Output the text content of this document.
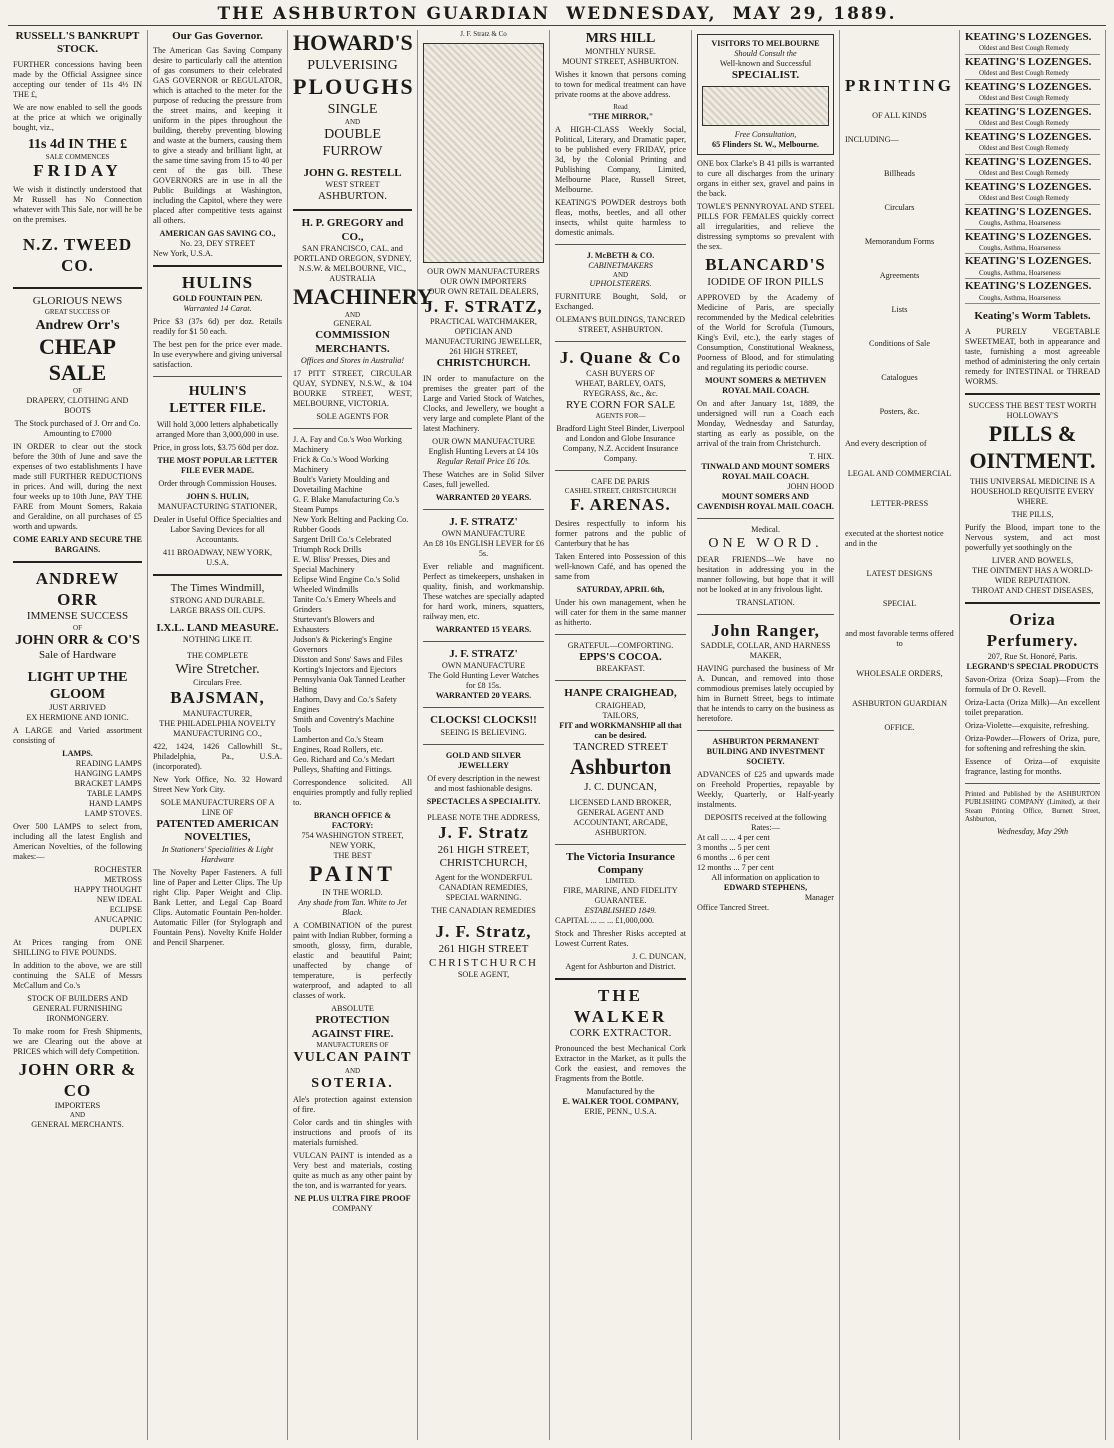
THE ASHBURTON GUARDIAN WEDNESDAY, MAY 29, 1889.
RUSSELL'S BANKRUPT STOCK.

FURTHER concessions having been made by the Official Assignee since accepting our tender of 11s 4½ IN THE £,

We are now enabled to sell the goods at the price at which we originally bought, viz.,

11s 4d IN THE £
SALE COMMENCES
FRIDAY

We wish it distinctly understood that Mr Russell has No Connection whatever with This Sale, nor will he be on the premises.

N.Z. TWEED CO.
GLORIOUS NEWS
GREAT SUCCESS OF
Andrew Orr's
CHEAP SALE
OF
DRAPERY, CLOTHING AND BOOTS

The Stock purchased of J. Orr and Co. Amounting to £7000

IN ORDER to clear out the stock before the 30th of June and save the expenses of two establishments I have made still FURTHER REDUCTIONS in prices. And will, during the next four weeks up to 10th June, PAY THE FARE from Mount Somers, Rakaia and Geraldine, on all purchases of £5 worth and upwards.

COME EARLY AND SECURE THE BARGAINS.
ANDREW ORR
IMMENSE SUCCESS
OF
JOHN ORR & CO'S
Sale of Hardware
LIGHT UP THE GLOOM
JUST ARRIVED
EX HERMIONE AND IONIC.

A LARGE and Varied assortment consisting of

LAMPS.
READING LAMPS
HANGING LAMPS
BRACKET LAMPS
TABLE LAMPS
HAND LAMPS
LAMP STOVES.

Over 500 LAMPS to select from, including all the latest English and American Novelties, of the following makes:—

ROCHESTER
METROSS
HAPPY THOUGHT
NEW IDEAL
ECLIPSE
ANUCAPNIC
DUPLEX

At Prices ranging from ONE SHILLING to FIVE POUNDS.

In addition to the above, we are still continuing the SALE of Messrs McCallum and Co.'s

STOCK OF BUILDERS AND GENERAL FURNISHING IRONMONGERY.

To make room for Fresh Shipments, we are Clearing out the above at PRICES which will defy Competition.

JOHN ORR & CO
IMPORTERS
AND
GENERAL MERCHANTS.
Our Gas Governor.

The American Gas Saving Company desire to particularly call the attention of gas consumers to their celebrated GAS GOVERNOR or REGULATOR, which is attached to the meter for the purpose of reducing the pressure from the street mains, and keeping it uniform in the pipes throughout the building, thereby preventing blowing and waste at the burners, causing them to give a steady and brilliant light, at the same time saving from 15 to 40 per cent of the gas bill. These GOVERNORS are in use in all the Public Buildings at Washington, including the Capitol, where they were placed after competitive tests against all others.

AMERICAN GAS SAVING CO.,
No. 23, DEY STREET
New York, U.S.A.
HULINS
GOLD FOUNTAIN PEN.
Warranted 14 Carat.

Price $3 (37s 6d) per doz. Retails readily for $1 50 each.

The best pen for the price ever made. In use everywhere and giving universal satisfaction.

HULIN'S
LETTER FILE.

Will hold 3,000 letters alphabetically arranged More than 3,000,000 in use.

Price, in gross lots, $3.75 60d per doz.

THE MOST POPULAR LETTER FILE EVER MADE.

Order through Commission Houses.

JOHN S. HULIN,
MANUFACTURING STATIONER,

Dealer in Useful Office Specialties and Labor Saving Devices for all Accountants.

411 BROADWAY, NEW YORK, U.S.A.
The Times Windmill,
STRONG AND DURABLE.
LARGE BRASS OIL CUPS.
I.X.L. LAND MEASURE.
NOTHING LIKE IT.
THE COMPLETE
Wire Stretcher.
Circulars Free.
BAJSMAN,
MANUFACTURER,
THE PHILADELPHIA NOVELTY MANUFACTURING CO.,

422, 1424, 1426 Callowhill St., Philadelphia, Pa., U.S.A. (incorporated).

New York Office, No. 32 Howard Street New York City.

SOLE MANUFACTURERS OF A LINE OF
PATENTED AMERICAN NOVELTIES,
In Stationers' Specialities & Light Hardware

The Novelty Paper Fasteners. A full line of Paper and Letter Clips. The Up right Clip. Paper Weight and Clip. Bank Letter, and Legal Cap Board Clips. Automatic Fountain Pen-holder. Automatic Filler (for Stylograph and Fountain Pens). Novelty Knife Holder and Pencil Sharpener.

HOWARD'S
PULVERISING
PLOUGHS
SINGLE
AND
DOUBLE FURROW
JOHN G. RESTELL
WEST STREET
ASHBURTON.
H. P. GREGORY and CO.,
SAN FRANCISCO, CAL. and PORTLAND OREGON, SYDNEY, N.S.W. & MELBOURNE, VIC., AUSTRALIA
MACHINERY
AND
GENERAL
COMMISSION MERCHANTS.
Offices and Stores in Australia!

17 PITT STREET, CIRCULAR QUAY, SYDNEY, N.S.W., & 104 BOURKE STREET, WEST, MELBOURNE, VICTORIA.

SOLE AGENTS FOR
J. A. Fay and Co.'s Woo Working Machinery
Frick & Co.'s Wood Working Machinery
Boult's Variety Moulding and Dovetailing Machine
G. F. Blake Manufacturing Co.'s Steam Pumps
New York Belting and Packing Co. Rubber Goods
Sargent Drill Co.'s Celebrated Triumph Rock Drills
E. W. Bliss' Presses, Dies and Special Machinery
Eclipse Wind Engine Co.'s Solid Wheeled Windmills
Tanite Co.'s Emery Wheels and Grinders
Sturtevant's Blowers and Exhausters
Judson's & Pickering's Engine Governors
Disston and Sons' Saws and Files
Korting's Injectors and Ejectors
Pennsylvania Oak Tanned Leather Belting
Hathorn, Davy and Co.'s Safety Engines
Smith and Coventry's Machine Tools
Lamberton and Co.'s Steam Engines, Road Rollers, etc.
Geo. Richard and Co.'s Medart Pulleys, Shafting and Fittings.

Correspondence solicited. All enquiries promptly and fully replied to.

BRANCH OFFICE & FACTORY:
754 WASHINGTON STREET, NEW YORK,
THE BEST
PAINT
IN THE WORLD.
Any shade from Tan. White to Jet Black.

A COMBINATION of the purest paint with Indian Rubber, forming a smooth, glossy, firm, durable, elastic and beautiful Paint; unaffected by change of temperature, is perfectly waterproof, and adapted to all classes of work.

ABSOLUTE
PROTECTION AGAINST FIRE.
MANUFACTURERS OF
VULCAN PAINT
AND
SOTERIA.

Ale's protection against extension of fire.

Color cards and tin shingles with instructions and proofs of its materials furnished.

VULCAN PAINT is intended as a Very best and materials, costing quite as much as any other paint by the ton, and is warranted for years.

NE PLUS ULTRA FIRE PROOF
COMPANY
J. F. Stratz & Co
OUR OWN MANUFACTURERS
OUR OWN IMPORTERS
OUR OWN RETAIL DEALERS,
J. F. STRATZ,
PRACTICAL WATCHMAKER, OPTICIAN AND MANUFACTURING JEWELLER,
261 HIGH STREET,
CHRISTCHURCH.

IN order to manufacture on the premises the greater part of the Large and Varied Stock of Watches, Clocks, and Jewellery, we bought a very large and complete Plant of the latest Machinery.

OUR OWN MANUFACTURE
English Hunting Levers at £4 10s
Regular Retail Price £6 10s.

These Watches are in Solid Silver Cases, full jewelled.

WARRANTED 20 YEARS.
J. F. STRATZ'
OWN MANUFACTURE
An £8 10s ENGLISH LEVER for £6 5s.

Ever reliable and magnificent. Perfect as timekeepers, unshaken in quality, finish, and workmanship. These watches are specially adapted for hard work, miners, squatters, railway men, etc.

WARRANTED 15 YEARS.
J. F. STRATZ'
OWN MANUFACTURE
The Gold Hunting Lever Watches for £8 15s.
WARRANTED 20 YEARS.
CLOCKS! CLOCKS!!
SEEING IS BELIEVING.
GOLD AND SILVER JEWELLERY

Of every description in the newest and most fashionable designs.

SPECTACLES A SPECIALITY.
PLEASE NOTE THE ADDRESS,
J. F. Stratz
261 HIGH STREET,
CHRISTCHURCH,

Agent for the WONDERFUL CANADIAN REMEDIES, SPECIAL WARNING.

THE CANADIAN REMEDIES
J. F. Stratz,
261 HIGH STREET
CHRISTCHURCH
SOLE AGENT,
MRS HILL
MONTHLY NURSE.
MOUNT STREET, ASHBURTON.

Wishes it known that persons coming to town for medical treatment can have private rooms at the above address.

Read
"THE MIRROR,"

A HIGH-CLASS Weekly Social, Political, Literary, and Dramatic paper, to be published every FRIDAY, price 3d, by the Colonial Printing and Publishing Company, Limited, Melbourne Place, Russell Street, Melbourne.

KEATING'S POWDER destroys both fleas, moths, beetles, and all other insects, whilst quite harmless to domestic animals.

J. McBETH & CO.
CABINETMAKERS
AND
UPHOLSTERERS.

FURNITURE Bought, Sold, or Exchanged.

OLEMAN'S BUILDINGS, TANCRED STREET, ASHBURTON.
J. Quane & Co
CASH BUYERS OF
WHEAT, BARLEY, OATS, RYEGRASS, &c., &c.
RYE CORN FOR SALE
AGENTS FOR—

Bradford Light Steel Binder, Liverpool and London and Globe Insurance Company, N.Z. Accident Insurance Company.

CAFE DE PARIS
CASHEL STREET, CHRISTCHURCH
F. ARENAS.

Desires respectfully to inform his former patrons and the public of Canterbury that he has

Taken Entered into Possession of this well-known Café, and has opened the same from

SATURDAY, APRIL 6th,

Under his own management, when he will cater for them in the same manner as hitherto.

GRATEFUL—COMFORTING.
EPPS'S COCOA.
BREAKFAST.
HANPE CRAIGHEAD,
CRAIGHEAD,
TAILORS,
FIT and WORKMANSHIP all that can be desired.
TANCRED STREET
Ashburton
J. C. DUNCAN,

LICENSED LAND BROKER, GENERAL AGENT AND ACCOUNTANT, ARCADE, ASHBURTON.

The Victoria Insurance Company
LIMITED.
FIRE, MARINE, AND FIDELITY GUARANTEE.
ESTABLISHED 1849.
CAPITAL ... ... ... £1,000,000.

Stock and Thresher Risks accepted at Lowest Current Rates.

J. C. DUNCAN,
Agent for Ashburton and District.
THE WALKER
CORK EXTRACTOR.

Pronounced the best Mechanical Cork Extractor in the Market, as it pulls the Cork the easiest, and removes the Fragments from the Bottle.

Manufactured by the
E. WALKER TOOL COMPANY,
ERIE, PENN., U.S.A.
VISITORS TO MELBOURNE
Should Consult the
Well-known and Successful
SPECIALIST.
Free Consultation,
65 Flinders St. W., Melbourne.

ONE box Clarke's B 41 pills is warranted to cure all discharges from the urinary organs in either sex, gravel and pains in the back.

TOWLE'S PENNYROYAL AND STEEL PILLS FOR FEMALES quickly correct all irregularities, and relieve the distressing symptoms so prevalent with the sex.

BLANCARD'S
IODIDE OF IRON PILLS

APPROVED by the Academy of Medicine of Paris, are specially recommended by the Medical celebrities of the World for Scrofula (Tumours, King's Evil, etc.), the early stages of Consumption, Constitutional Weakness, Poorness of Blood, and for stimulating and regulating its periodic course.

MOUNT SOMERS & METHVEN ROYAL MAIL COACH.

On and after January 1st, 1889, the undersigned will run a Coach each Monday, Wednesday and Saturday, starting as early as possible, on the arrival of the train from Christchurch.

T. HIX.
TINWALD AND MOUNT SOMERS ROYAL MAIL COACH.
JOHN HOOD
MOUNT SOMERS AND CAVENDISH ROYAL MAIL COACH.
Medical.
ONE WORD.

DEAR FRIENDS—We have no hesitation in addressing you in the manner following, but hope that it will not be looked at in any frivolous light.

TRANSLATION.
John Ranger,
SADDLE, COLLAR, AND HARNESS MAKER,

HAVING purchased the business of Mr A. Duncan, and removed into those commodious premises lately occupied by him in Burnett Street, begs to intimate that he intends to carry on the business as heretofore.

ASHBURTON PERMANENT BUILDING AND INVESTMENT SOCIETY.

ADVANCES of £25 and upwards made on Freehold Properties, repayable by Weekly, Quarterly, or Half-yearly instalments.

DEPOSITS received at the following Rates:—
At call ... ... 4 per cent
3 months ... 5 per cent
6 months ... 6 per cent
12 months ... 7 per cent
All information on application to
EDWARD STEPHENS,
Manager
Office Tancred Street.
PRINTING
OF ALL KINDS
INCLUDING—
Billheads
Circulars
Memorandum Forms
Agreements
Lists
Conditions of Sale
Catalogues
Posters, &c.
And every description of
LEGAL AND COMMERCIAL
LETTER-PRESS
executed at the shortest notice and in the
LATEST DESIGNS
SPECIAL
and most favorable terms offered to
WHOLESALE ORDERS,
ASHBURTON GUARDIAN
OFFICE.
KEATING'S LOZENGES.
Oldest and Best Cough Remedy
KEATING'S LOZENGES.
Oldest and Best Cough Remedy
KEATING'S LOZENGES.
Oldest and Best Cough Remedy
KEATING'S LOZENGES.
Oldest and Best Cough Remedy
KEATING'S LOZENGES.
Oldest and Best Cough Remedy
KEATING'S LOZENGES.
Oldest and Best Cough Remedy
KEATING'S LOZENGES.
Oldest and Best Cough Remedy
KEATING'S LOZENGES.
Coughs, Asthma, Hoarseness
KEATING'S LOZENGES.
Coughs, Asthma, Hoarseness
KEATING'S LOZENGES.
Coughs, Asthma, Hoarseness
KEATING'S LOZENGES.
Coughs, Asthma, Hoarseness
Keating's Worm Tablets.

A PURELY VEGETABLE SWEETMEAT, both in appearance and taste, furnishing a most agreeable method of administering the only certain remedy for INTESTINAL or THREAD WORMS.

SUCCESS THE BEST TEST WORTH
HOLLOWAY'S
PILLS & OINTMENT.

THIS UNIVERSAL MEDICINE IS A HOUSEHOLD REQUISITE EVERY WHERE.

THE PILLS,

Purify the Blood, impart tone to the Nervous system, and act most powerfully yet soothingly on the

LIVER AND BOWELS,
THE OINTMENT HAS A WORLD-WIDE REPUTATION.
THROAT AND CHEST DISEASES,
Oriza Perfumery.
207, Rue St. Honoré, Paris.
LEGRAND'S SPECIAL PRODUCTS

Savon-Oriza (Oriza Soap)—From the formula of Dr O. Revell.

Oriza-Lacta (Oriza Milk)—An excellent toilet preparation.

Oriza-Violette—exquisite, refreshing.

Oriza-Powder—Flowers of Oriza, pure, for softening and refreshing the skin.

Essence of Oriza—of exquisite fragrance, lasting for months.

Printed and Published by the ASHBURTON PUBLISHING COMPANY (Limited), at their Steam Printing Office, Burnett Street, Ashburton,

Wednesday, May 29th
